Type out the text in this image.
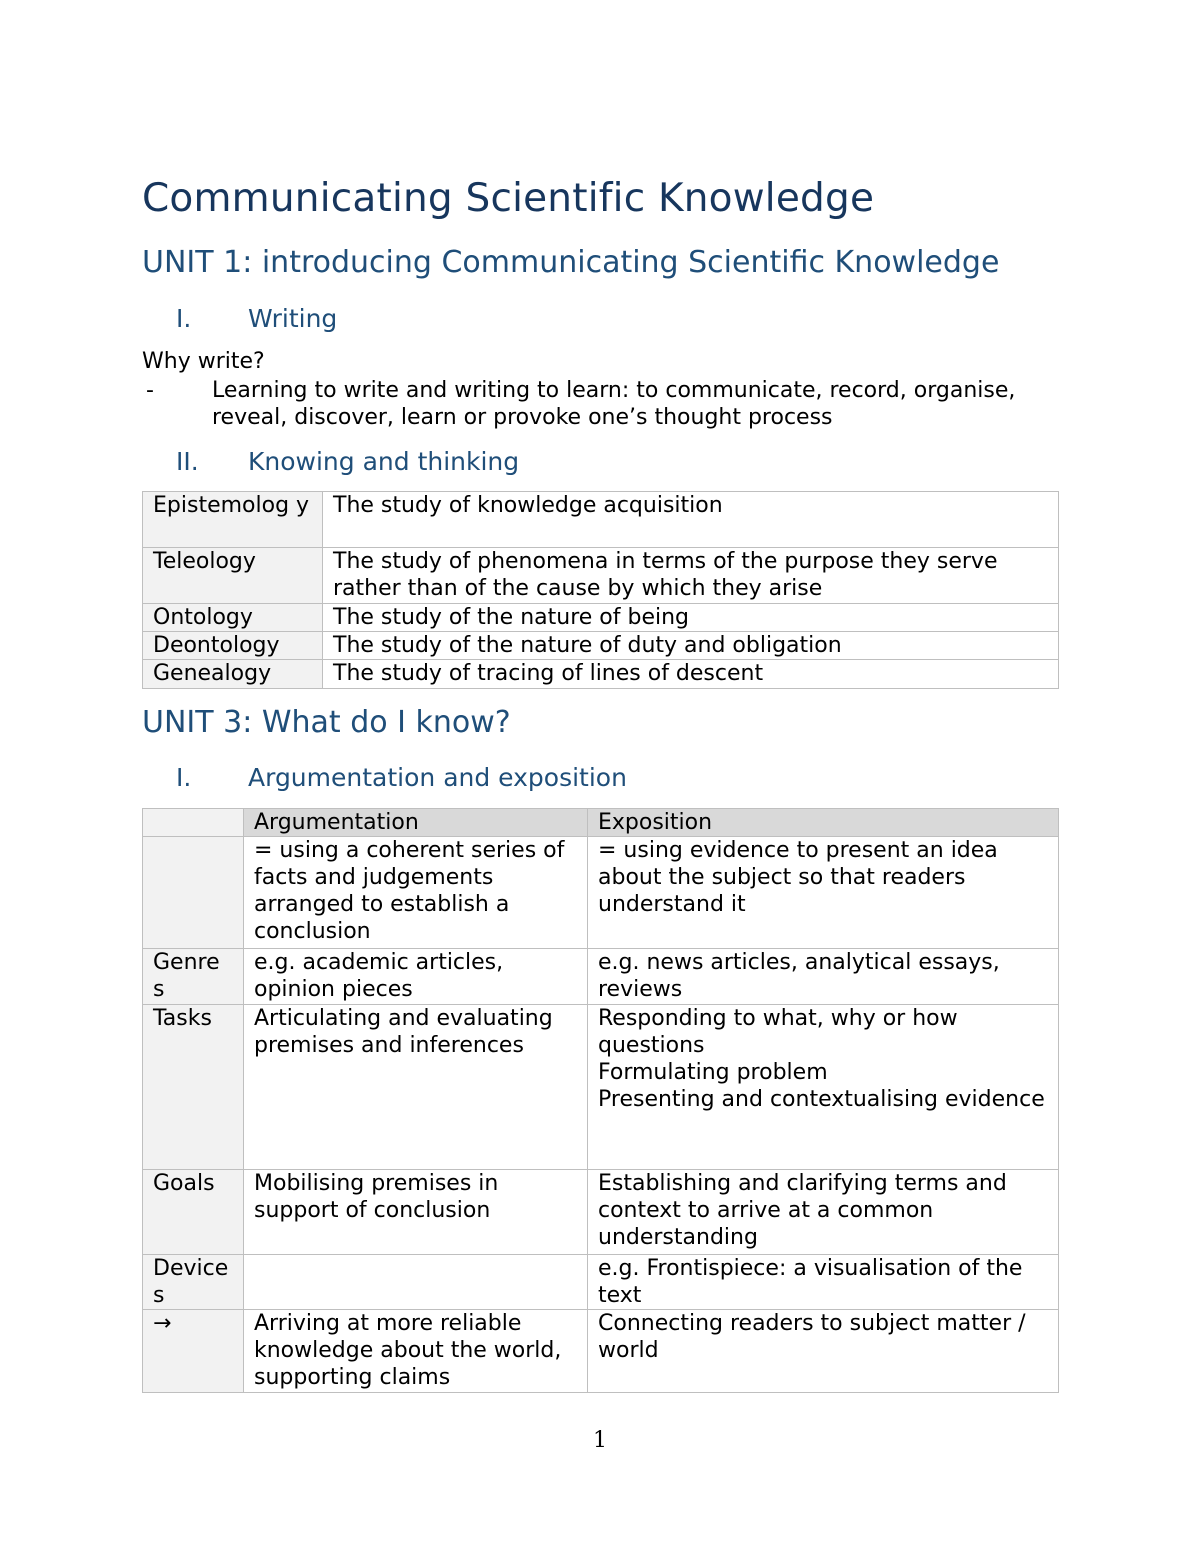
Communicating Scientific Knowledge
UNIT 1: introducing Communicating Scientific Knowledge
I. Writing

Why write?

-	Learning to write and writing to learn: to communicate, record, organise, reveal, discover, learn or provoke one’s thought process
II. Knowing and thinking
Epistemolog y	The study of knowledge acquisition
Teleology	The study of phenomena in terms of the purpose they serve rather than of the cause by which they arise
Ontology	The study of the nature of being
Deontology	The study of the nature of duty and obligation
Genealogy	The study of tracing of lines of descent
UNIT 3: What do I know?
I. Argumentation and exposition
	Argumentation	Exposition
	= using a coherent series of facts and judgements arranged to establish a conclusion	= using evidence to present an idea about the subject so that readers understand it

Genre s	e.g. academic articles, opinion pieces	e.g. news articles, analytical essays, reviews

Tasks	Articulating and evaluating premises and inferences	Responding to what, why or how questions
Formulating problem
Presenting and contextualising evidence

Goals	Mobilising premises in support of conclusion	Establishing and clarifying terms and context to arrive at a common understanding

Device s		e.g. Frontispiece: a visualisation of the text

→	Arriving at more reliable knowledge about the world, supporting claims	Connecting readers to subject matter / world
1
